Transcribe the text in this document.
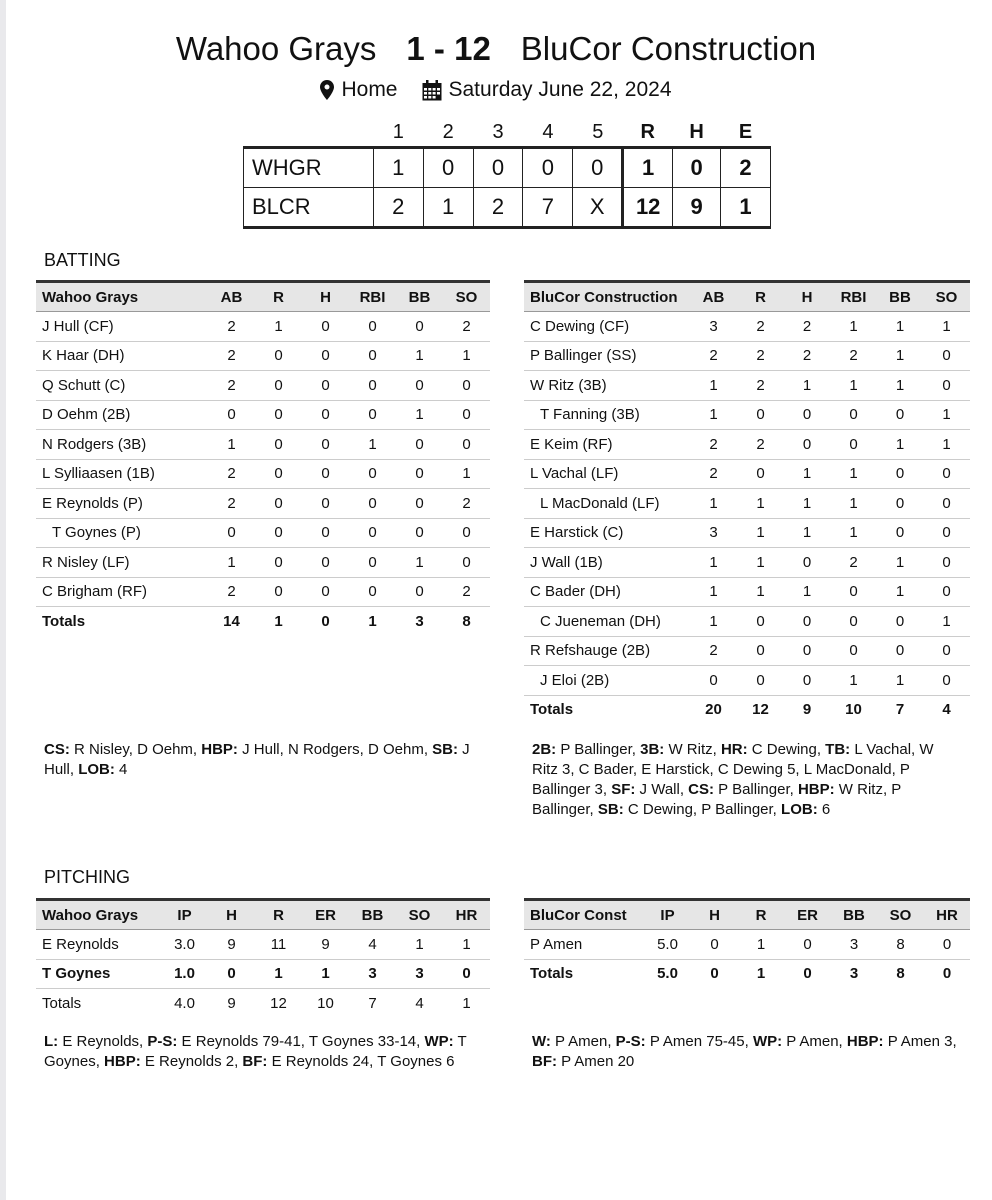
Wahoo Grays 1 - 12 BluCor Construction
Home Saturday June 22, 2024
	1	2	3	4	5	R	H	E
WHGR	1	0	0	0	0	1	0	2
BLCR	2	1	2	7	X	12	9	1
BATTING
Wahoo Grays	AB	R	H	RBI	BB	SO
J Hull (CF)	2	1	0	0	0	2
K Haar (DH)	2	0	0	0	1	1
Q Schutt (C)	2	0	0	0	0	0
D Oehm (2B)	0	0	0	0	1	0
N Rodgers (3B)	1	0	0	1	0	0
L Sylliaasen (1B)	2	0	0	0	0	1
E Reynolds (P)	2	0	0	0	0	2
T Goynes (P)	0	0	0	0	0	0
R Nisley (LF)	1	0	0	0	1	0
C Brigham (RF)	2	0	0	0	0	2
Totals	14	1	0	1	3	8
BluCor Construction	AB	R	H	RBI	BB	SO
C Dewing (CF)	3	2	2	1	1	1
P Ballinger (SS)	2	2	2	2	1	0
W Ritz (3B)	1	2	1	1	1	0
T Fanning (3B)	1	0	0	0	0	1
E Keim (RF)	2	2	0	0	1	1
L Vachal (LF)	2	0	1	1	0	0
L MacDonald (LF)	1	1	1	1	0	0
E Harstick (C)	3	1	1	1	0	0
J Wall (1B)	1	1	0	2	1	0
C Bader (DH)	1	1	1	0	1	0
C Jueneman (DH)	1	0	0	0	0	1
R Refshauge (2B)	2	0	0	0	0	0
J Eloi (2B)	0	0	0	1	1	0
Totals	20	12	9	10	7	4
CS: R Nisley, D Oehm, HBP: J Hull, N Rodgers, D Oehm, SB: J Hull, LOB: 4
2B: P Ballinger, 3B: W Ritz, HR: C Dewing, TB: L Vachal, W Ritz 3, C Bader, E Harstick, C Dewing 5, L MacDonald, P Ballinger 3, SF: J Wall, CS: P Ballinger, HBP: W Ritz, P Ballinger, SB: C Dewing, P Ballinger, LOB: 6
PITCHING
Wahoo Grays	IP	H	R	ER	BB	SO	HR
E Reynolds	3.0	9	11	9	4	1	1
T Goynes	1.0	0	1	1	3	3	0
Totals	4.0	9	12	10	7	4	1
BluCor Const	IP	H	R	ER	BB	SO	HR
P Amen	5.0	0	1	0	3	8	0
Totals	5.0	0	1	0	3	8	0
L: E Reynolds, P-S: E Reynolds 79-41, T Goynes 33-14, WP: T Goynes, HBP: E Reynolds 2, BF: E Reynolds 24, T Goynes 6
W: P Amen, P-S: P Amen 75-45, WP: P Amen, HBP: P Amen 3, BF: P Amen 20
